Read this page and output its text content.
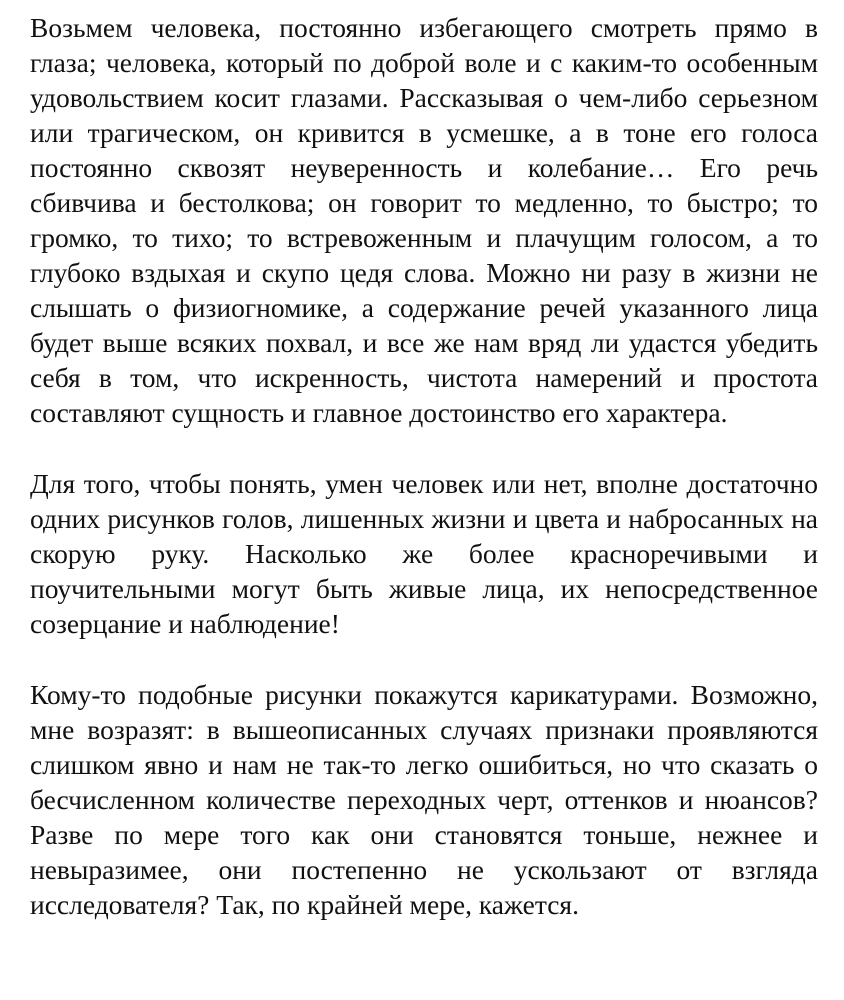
Возьмем человека, постоянно избегающего смотреть прямо в глаза; человека, который по доброй воле и с каким-то особенным удовольствием косит глазами. Рассказывая о чем-либо серьезном или трагическом, он кривится в усмешке, а в тоне его голоса постоянно сквозят неуверенность и колебание… Его речь сбивчива и бестолкова; он говорит то медленно, то быстро; то громко, то тихо; то встревоженным и плачущим голосом, а то глубоко вздыхая и скупо цедя слова. Можно ни разу в жизни не слышать о физиогномике, а содержание речей указанного лица будет выше всяких похвал, и все же нам вряд ли удастся убедить себя в том, что искренность, чистота намерений и простота составляют сущность и главное достоинство его характера.

Для того, чтобы понять, умен человек или нет, вполне достаточно одних рисунков голов, лишенных жизни и цвета и набросанных на скорую руку. Насколько же более красноречивыми и поучительными могут быть живые лица, их непосредственное созерцание и наблюдение!

Кому-то подобные рисунки покажутся карикатурами. Возможно, мне возразят: в вышеописанных случаях признаки проявляются слишком явно и нам не так-то легко ошибиться, но что сказать о бесчисленном количестве переходных черт, оттенков и нюансов? Разве по мере того как они становятся тоньше, нежнее и невыразимее, они постепенно не ускользают от взгляда исследователя? Так, по крайней мере, кажется.
